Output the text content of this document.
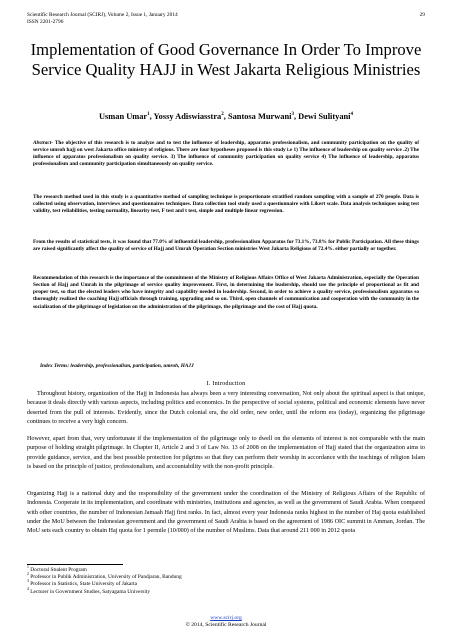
Scientific Research Journal (SCIRJ), Volume 2, Issue 1, January 2014
ISSN 2201-2796
29
Implementation of Good Governance In Order To Improve Service Quality HAJJ in West Jakarta Religious Ministries
Usman Umar$^1$, Yossy Adiswiasstra$^2$, Santosa Murwani$^3$, Dewi Sulityani$^4$

Abstract- The objective of this research is to analyze and to test the influence of leadership, apparatus professionalism, and community participation on the quality of service umroh hajj on west Jakarta office ministry of religious. There are four hypotheses proposed is this study i.e 1) The influence of leadership on quality service .2) The influence of apparatus professionalism on quality service. 3) The influence of community participation on quality service 4) The influence of leadership, apparatus professionalism and community participation simultaneously on quality service.

The research method used in this study is a quantitative method of sampling technique is proportionate stratified random sampling with a sample of 270 people. Data is collected using observation, interviews and questionnaires techniques. Data collection tool study used a questionnaire with Likert scale. Data analysis techniques using test validity, test reliabilities, testing normality, linearity test, F test and t test, simple and multiple linear regression.

From the results of statistical tests, it was found that 77.0% of influential leadership, professionalism Apparatus for 73.1%, 73.8% for Public Participation. All these things are raised significantly affect the quality of service of Hajj and Umrah Operation Section ministries West Jakarta Religious of 72.4%. either partially or together.

Recommendation of this research is the importance of the commitment of the Ministry of Religious Affairs Office of West Jakarta Administration, especially the Operation Section of Hajj and Umrah in the pilgrimage of service quality improvement. First, in determining the leadership, should use the principle of proportional as fit and proper test, so that the elected leaders who have integrity and capability needed in leadership. Second, in order to achieve a quality service, professionalism apparatus so thoroughly realized the coaching Hajj officials through training, upgrading and so on. Third, open channels of communication and cooperation with the community in the socialization of the pilgrimage of legislation on the administration of the pilgrimage, the pilgrimage and the cost of Hajj quota.

Index Terms: leadership, professionalism, participation, umroh, HAJJ

I. Introduction

Throughout history, organization of the Hajj in Indonesia has always been a very interesting conversation, Not only about the spiritual aspect is that unique, because it deals directly with various aspects, including politics and economics. In the perspective of social systems, political and economic elements have never deserted from the pull of interests. Evidently, since the Dutch colonial era, the old order, new order, until the reform era (today), organizing the pilgrimage continues to receive a very high concern.

However, apart from that, very unfortunate if the implementation of the pilgrimage only to dwell on the elements of interest is not comparable with the main purpose of holding straight pilgrimage. In Chapter II, Article 2 and 3 of Law No. 13 of 2008 on the implementation of Hajj stated that the organization aims to provide guidance, service, and the best possible protection for pilgrims so that they can perform their worship in accordance with the teachings of religion Islam is based on the principle of justice, professionalism, and accountability with the non-profit principle.

Organizing Hajj is a national duty and the responsibility of the government under the coordination of the Ministry of Religious Affairs of the Republic of Indonesia. Cooperate in its implementation, and coordinate with ministries, institutions and agencies, as well as the government of Saudi Arabia. When compared with other countries, the number of Indonesian Jamaah Hajj first ranks. In fact, almost every year Indonesia ranks highest in the number of Haj quota established under the MoU between the Indonesian government and the government of Saudi Arabia is based on the agreement of 1986 OIC summit in Amman, Jordan. The MoU sets each country to obtain Haj quota for 1 permile (10/000) of the number of Muslims. Data that around 211 000 in 2012 quota

$^1$ Doctoral Student Program
$^2$ Professor in Publik Administration, University of Pandjaran, Bandung
$^3$ Professor in Statistics, State University of Jakarta
$^4$ Lecturer in Government Studies, Satyagama University
www.scirj.org
© 2014, Scientific Research Journal
